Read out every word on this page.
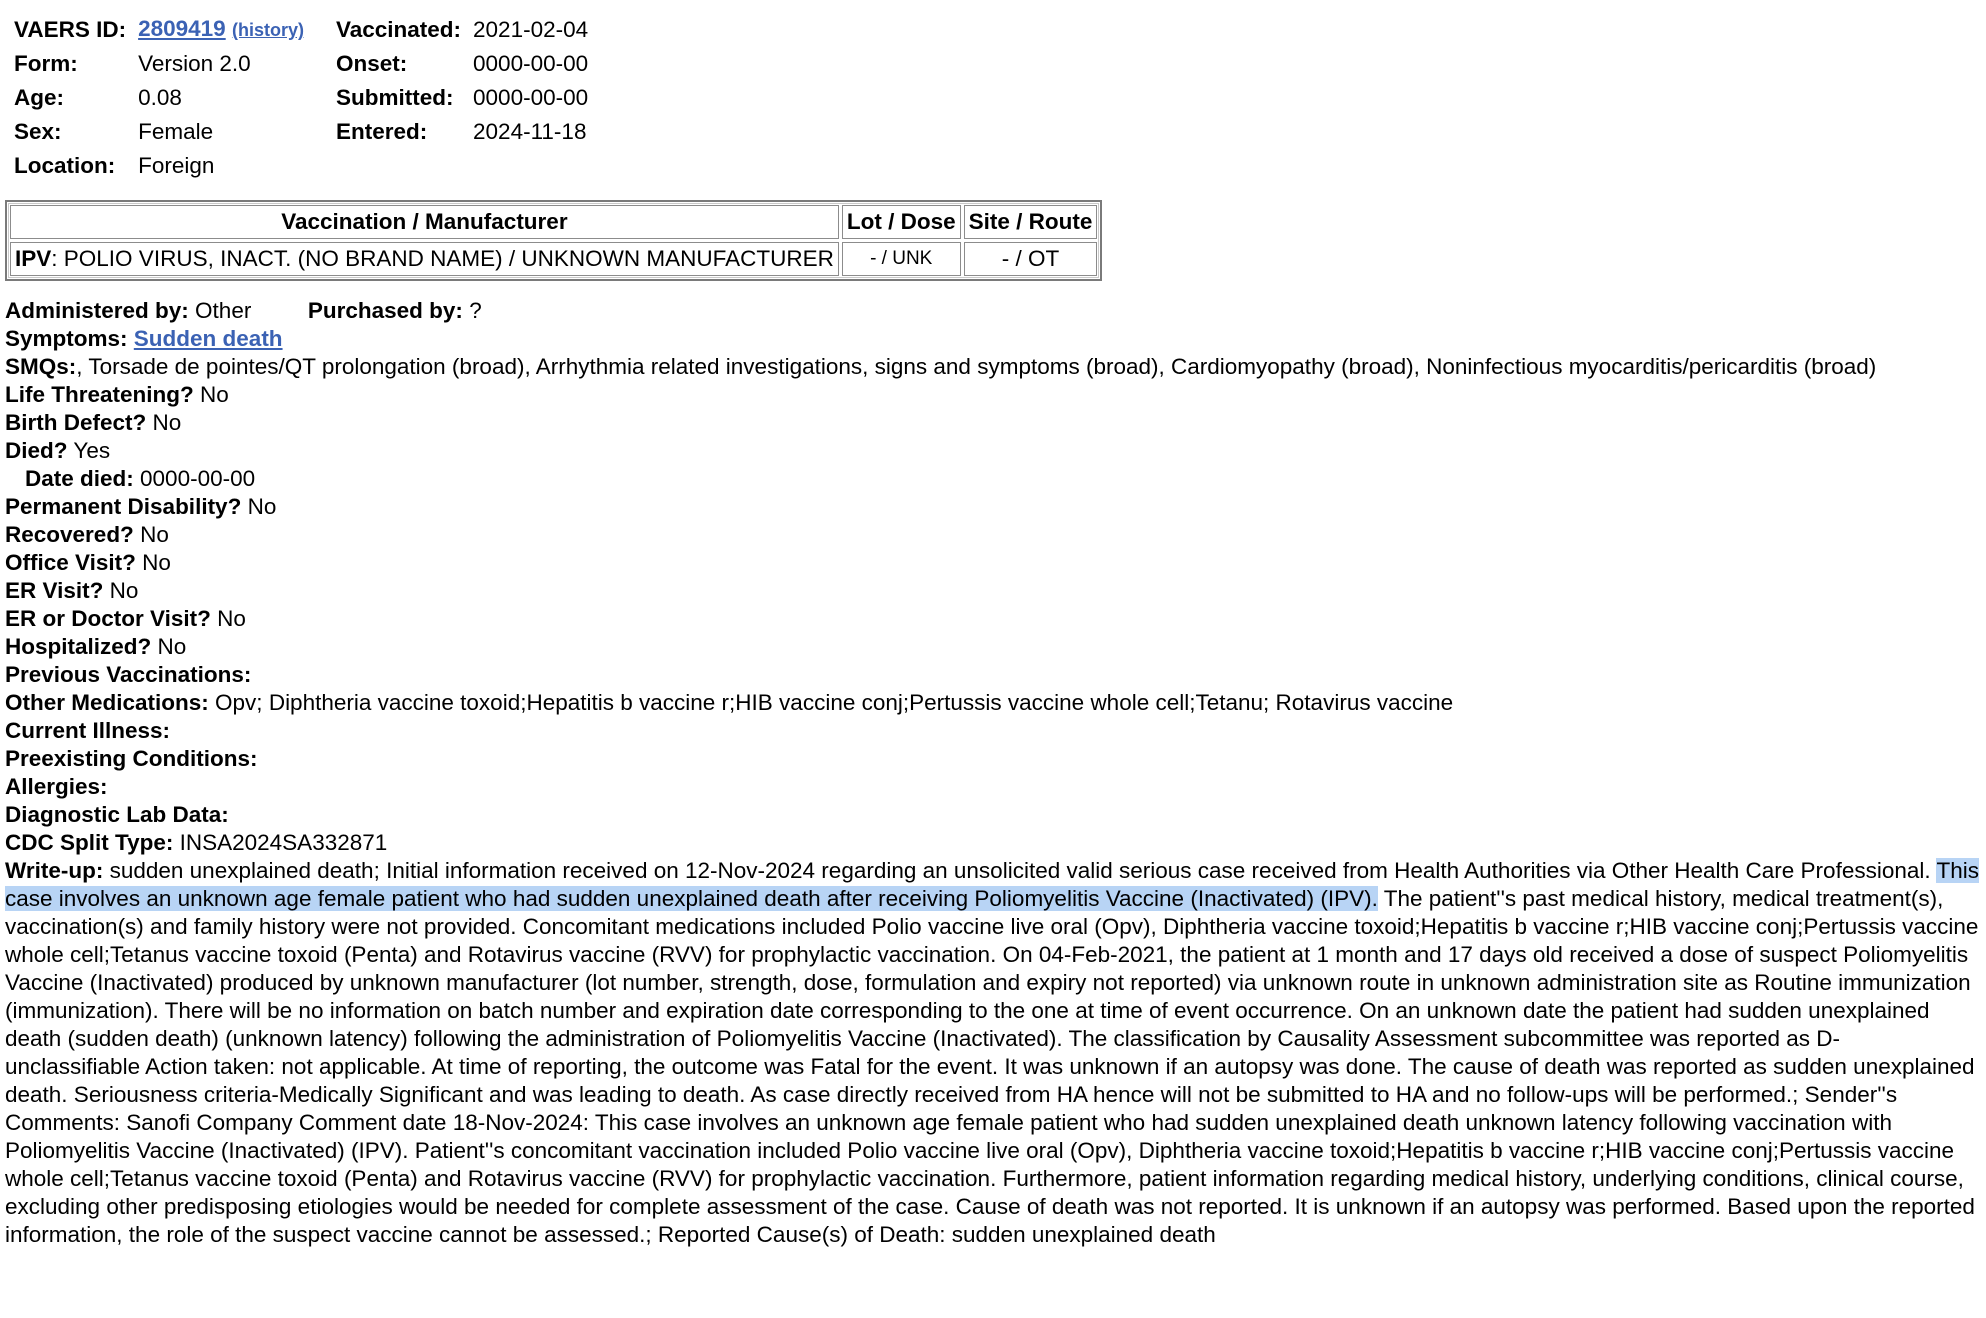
VAERS ID:	2809419 (history)		Vaccinated:	2021-02-04
Form:	Version 2.0		Onset:	0000-00-00
Age:	0.08		Submitted:	0000-00-00
Sex:	Female		Entered:	2024-11-18
Location:	Foreign			
Vaccination / Manufacturer	Lot / Dose	Site / Route
IPV: POLIO VIRUS, INACT. (NO BRAND NAME) / UNKNOWN MANUFACTURER	- / UNK	- / OT
Administered by: Other	Purchased by: ?
Symptoms: Sudden death
SMQs:, Torsade de pointes/QT prolongation (broad), Arrhythmia related investigations, signs and symptoms (broad), Cardiomyopathy (broad), Noninfectious myocarditis/pericarditis (broad)
Life Threatening? No
Birth Defect? No
Died? Yes
Date died: 0000-00-00
Permanent Disability? No
Recovered? No
Office Visit? No
ER Visit? No
ER or Doctor Visit? No
Hospitalized? No
Previous Vaccinations:
Other Medications: Opv; Diphtheria vaccine toxoid;Hepatitis b vaccine r;HIB vaccine conj;Pertussis vaccine whole cell;Tetanu; Rotavirus vaccine
Current Illness:
Preexisting Conditions:
Allergies:
Diagnostic Lab Data:
CDC Split Type: INSA2024SA332871
Write-up: sudden unexplained death; Initial information received on 12-Nov-2024 regarding an unsolicited valid serious case received from Health Authorities via Other Health Care Professional. This case involves an unknown age female patient who had sudden unexplained death after receiving Poliomyelitis Vaccine (Inactivated) (IPV). The patient''s past medical history, medical treatment(s), vaccination(s) and family history were not provided. Concomitant medications included Polio vaccine live oral (Opv), Diphtheria vaccine toxoid;Hepatitis b vaccine r;HIB vaccine conj;Pertussis vaccine whole cell;Tetanus vaccine toxoid (Penta) and Rotavirus vaccine (RVV) for prophylactic vaccination. On 04-Feb-2021, the patient at 1 month and 17 days old received a dose of suspect Poliomyelitis Vaccine (Inactivated) produced by unknown manufacturer (lot number, strength, dose, formulation and expiry not reported) via unknown route in unknown administration site as Routine immunization (immunization). There will be no information on batch number and expiration date corresponding to the one at time of event occurrence. On an unknown date the patient had sudden unexplained death (sudden death) (unknown latency) following the administration of Poliomyelitis Vaccine (Inactivated). The classification by Causality Assessment subcommittee was reported as D- unclassifiable Action taken: not applicable. At time of reporting, the outcome was Fatal for the event. It was unknown if an autopsy was done. The cause of death was reported as sudden unexplained death. Seriousness criteria-Medically Significant and was leading to death. As case directly received from HA hence will not be submitted to HA and no follow-ups will be performed.; Sender''s Comments: Sanofi Company Comment date 18-Nov-2024: This case involves an unknown age female patient who had sudden unexplained death unknown latency following vaccination with Poliomyelitis Vaccine (Inactivated) (IPV). Patient''s concomitant vaccination included Polio vaccine live oral (Opv), Diphtheria vaccine toxoid;Hepatitis b vaccine r;HIB vaccine conj;Pertussis vaccine whole cell;Tetanus vaccine toxoid (Penta) and Rotavirus vaccine (RVV) for prophylactic vaccination. Furthermore, patient information regarding medical history, underlying conditions, clinical course, excluding other predisposing etiologies would be needed for complete assessment of the case. Cause of death was not reported. It is unknown if an autopsy was performed. Based upon the reported information, the role of the suspect vaccine cannot be assessed.; Reported Cause(s) of Death: sudden unexplained death
